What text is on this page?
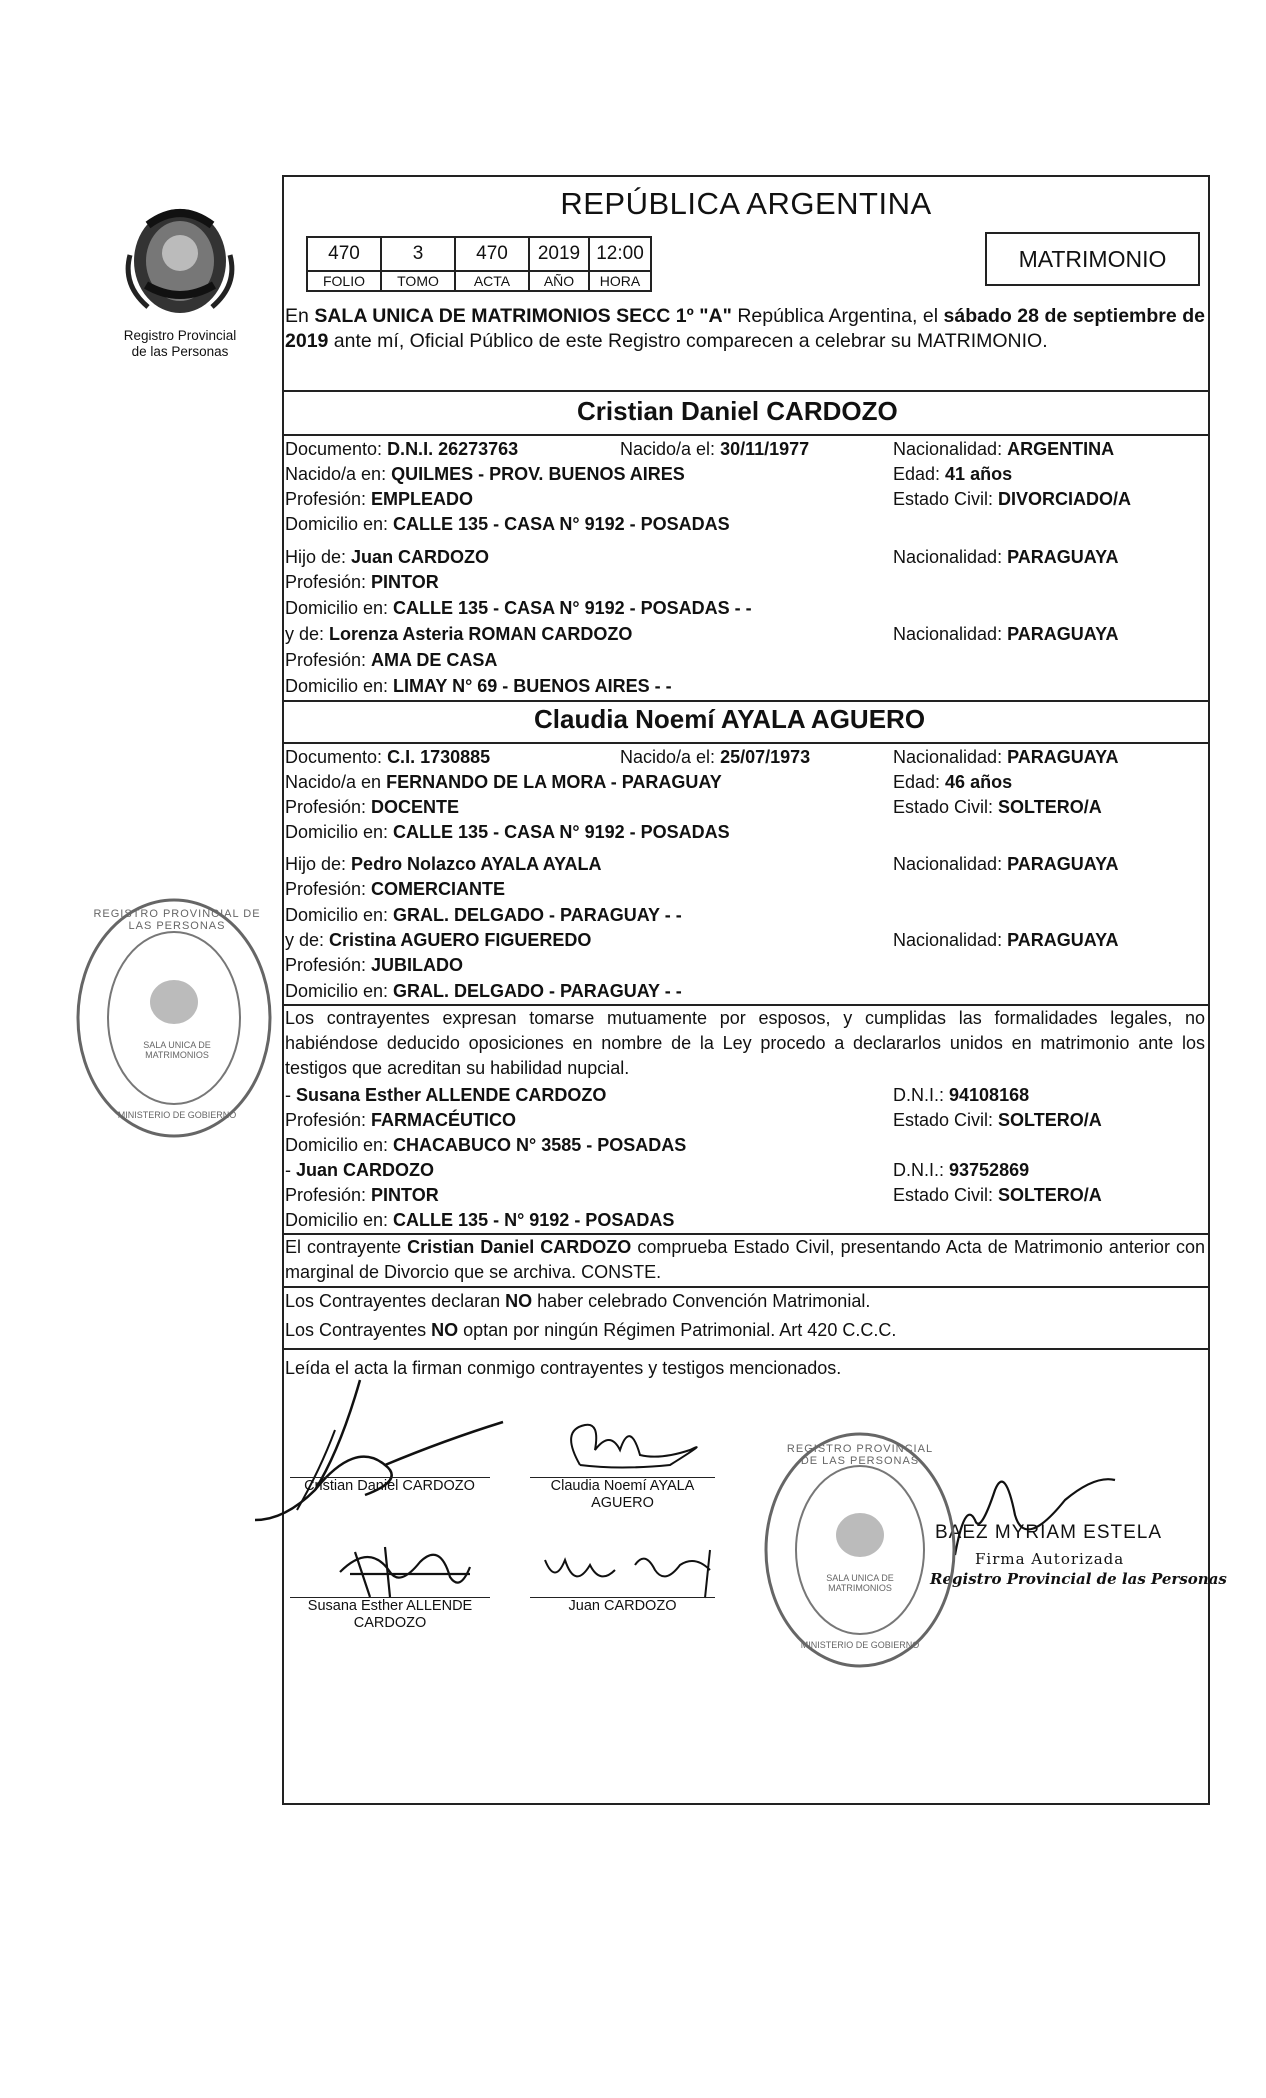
Registro Provincial
de las Personas
REPÚBLICA ARGENTINA
470	3	470	2019 12:00
FOLIO	TOMO	ACTA	AÑO	HORA
MATRIMONIO
En SALA UNICA DE MATRIMONIOS SECC 1º "A" República Argentina, el sábado 28 de septiembre de 2019 ante mí, Oficial Público de este Registro comparecen a celebrar su MATRIMONIO.
Cristian Daniel CARDOZO
Documento: D.N.I. 26273763	Nacido/a el: 30/11/1977	Nacionalidad: ARGENTINA
Nacido/a en: QUILMES - PROV. BUENOS AIRES	Edad: 41 años
Profesión: EMPLEADO	Estado Civil: DIVORCIADO/A
Domicilio en: CALLE 135 - CASA N° 9192 - POSADAS
Hijo de: Juan CARDOZO	Nacionalidad: PARAGUAYA
Profesión: PINTOR
Domicilio en: CALLE 135 - CASA N° 9192 - POSADAS - -
y de: Lorenza Asteria ROMAN CARDOZO	Nacionalidad: PARAGUAYA
Profesión: AMA DE CASA
Domicilio en: LIMAY N° 69 - BUENOS AIRES - -
Claudia Noemí AYALA AGUERO
Documento: C.I. 1730885	Nacido/a el: 25/07/1973	Nacionalidad: PARAGUAYA
Nacido/a en FERNANDO DE LA MORA - PARAGUAY	Edad: 46 años
Profesión: DOCENTE	Estado Civil: SOLTERO/A
Domicilio en: CALLE 135 - CASA N° 9192 - POSADAS
Hijo de: Pedro Nolazco AYALA AYALA	Nacionalidad: PARAGUAYA
Profesión: COMERCIANTE
Domicilio en: GRAL. DELGADO - PARAGUAY - -
y de: Cristina AGUERO FIGUEREDO	Nacionalidad: PARAGUAYA
Profesión: JUBILADO
Domicilio en: GRAL. DELGADO - PARAGUAY - -
Los contrayentes expresan tomarse mutuamente por esposos, y cumplidas las formalidades legales, no habiéndose deducido oposiciones en nombre de la Ley procedo a declararlos unidos en matrimonio ante los testigos que acreditan su habilidad nupcial.
- Susana Esther ALLENDE CARDOZO	D.N.I.: 94108168
Profesión: FARMACÉUTICO	Estado Civil: SOLTERO/A
Domicilio en: CHACABUCO N° 3585 - POSADAS
- Juan CARDOZO	D.N.I.: 93752869
Profesión: PINTOR	Estado Civil: SOLTERO/A
Domicilio en: CALLE 135 - N° 9192 - POSADAS
El contrayente Cristian Daniel CARDOZO comprueba Estado Civil, presentando Acta de Matrimonio anterior con marginal de Divorcio que se archiva. CONSTE.
Los Contrayentes declaran NO haber celebrado Convención Matrimonial.
Los Contrayentes NO optan por ningún Régimen Patrimonial. Art 420 C.C.C.
Leída el acta la firman conmigo contrayentes y testigos mencionados.
Cristian Daniel CARDOZO	Claudia Noemí AYALA AGUERO
Susana Esther ALLENDE CARDOZO
Juan CARDOZO
BAEZ MYRIAM ESTELA
Firma Autorizada
Registro Provincial de las Personas
REGISTRO PROVINCIAL DE LAS PERSONAS
SALA UNICA DE MATRIMONIOS
MINISTERIO DE GOBIERNO
REGISTRO PROVINCIAL DE LAS PERSONAS
SALA UNICA DE MATRIMONIOS
MINISTERIO DE GOBIERNO
